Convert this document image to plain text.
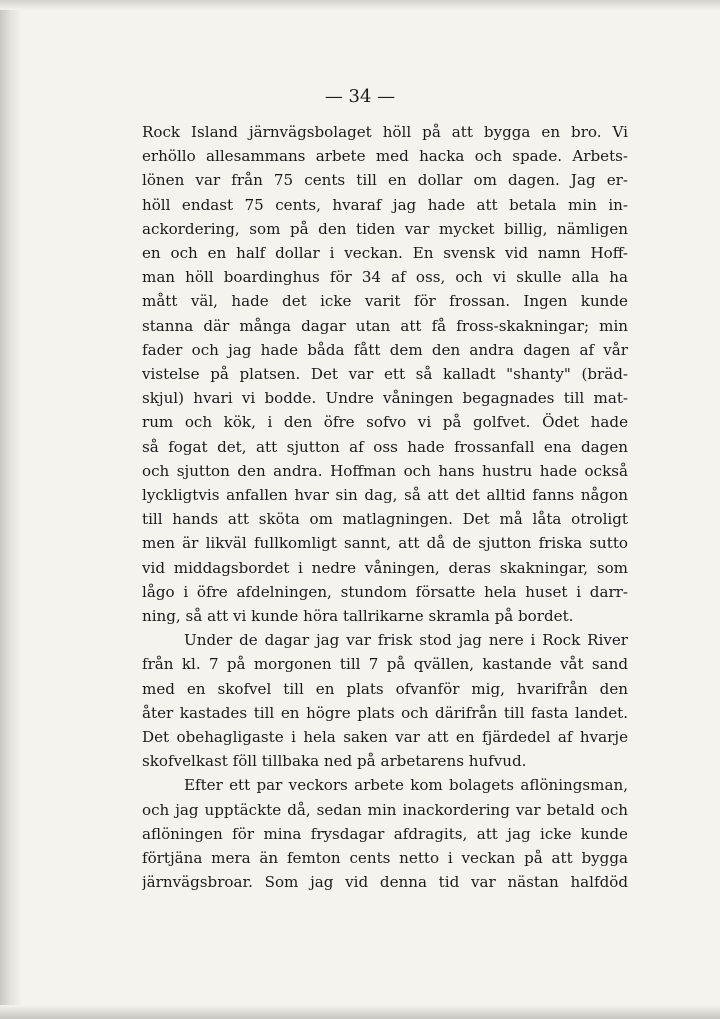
— 34 —
Rock Island järnvägsbolaget höll på att bygga en bro. Vi
erhöllo allesammans arbete med hacka och spade. Arbets-
lönen var från 75 cents till en dollar om dagen. Jag er-
höll endast 75 cents, hvaraf jag hade att betala min in-
ackordering, som på den tiden var mycket billig, nämligen
en och en half dollar i veckan. En svensk vid namn Hoff-
man höll boardinghus för 34 af oss, och vi skulle alla ha
mått väl, hade det icke varit för frossan. Ingen kunde
stanna där många dagar utan att få fross-skakningar; min
fader och jag hade båda fått dem den andra dagen af vår
vistelse på platsen. Det var ett så kalladt "shanty" (bräd-
skjul) hvari vi bodde. Undre våningen begagnades till mat-
rum och kök, i den öfre sofvo vi på golfvet. Ödet hade
så fogat det, att sjutton af oss hade frossanfall ena dagen
och sjutton den andra. Hoffman och hans hustru hade också
lyckligtvis anfallen hvar sin dag, så att det alltid fanns någon
till hands att sköta om matlagningen. Det må låta otroligt
men är likväl fullkomligt sannt, att då de sjutton friska sutto
vid middagsbordet i nedre våningen, deras skakningar, som
lågo i öfre afdelningen, stundom försatte hela huset i darr-
ning, så att vi kunde höra tallrikarne skramla på bordet.
Under de dagar jag var frisk stod jag nere i Rock River
från kl. 7 på morgonen till 7 på qvällen, kastande våt sand
med en skofvel till en plats ofvanför mig, hvarifrån den
åter kastades till en högre plats och därifrån till fasta landet.
Det obehagligaste i hela saken var att en fjärdedel af hvarje
skofvelkast föll tillbaka ned på arbetarens hufvud.
Efter ett par veckors arbete kom bolagets aflöningsman,
och jag upptäckte då, sedan min inackordering var betald och
aflöningen för mina frysdagar afdragits, att jag icke kunde
förtjäna mera än femton cents netto i veckan på att bygga
järnvägsbroar. Som jag vid denna tid var nästan halfdöd
